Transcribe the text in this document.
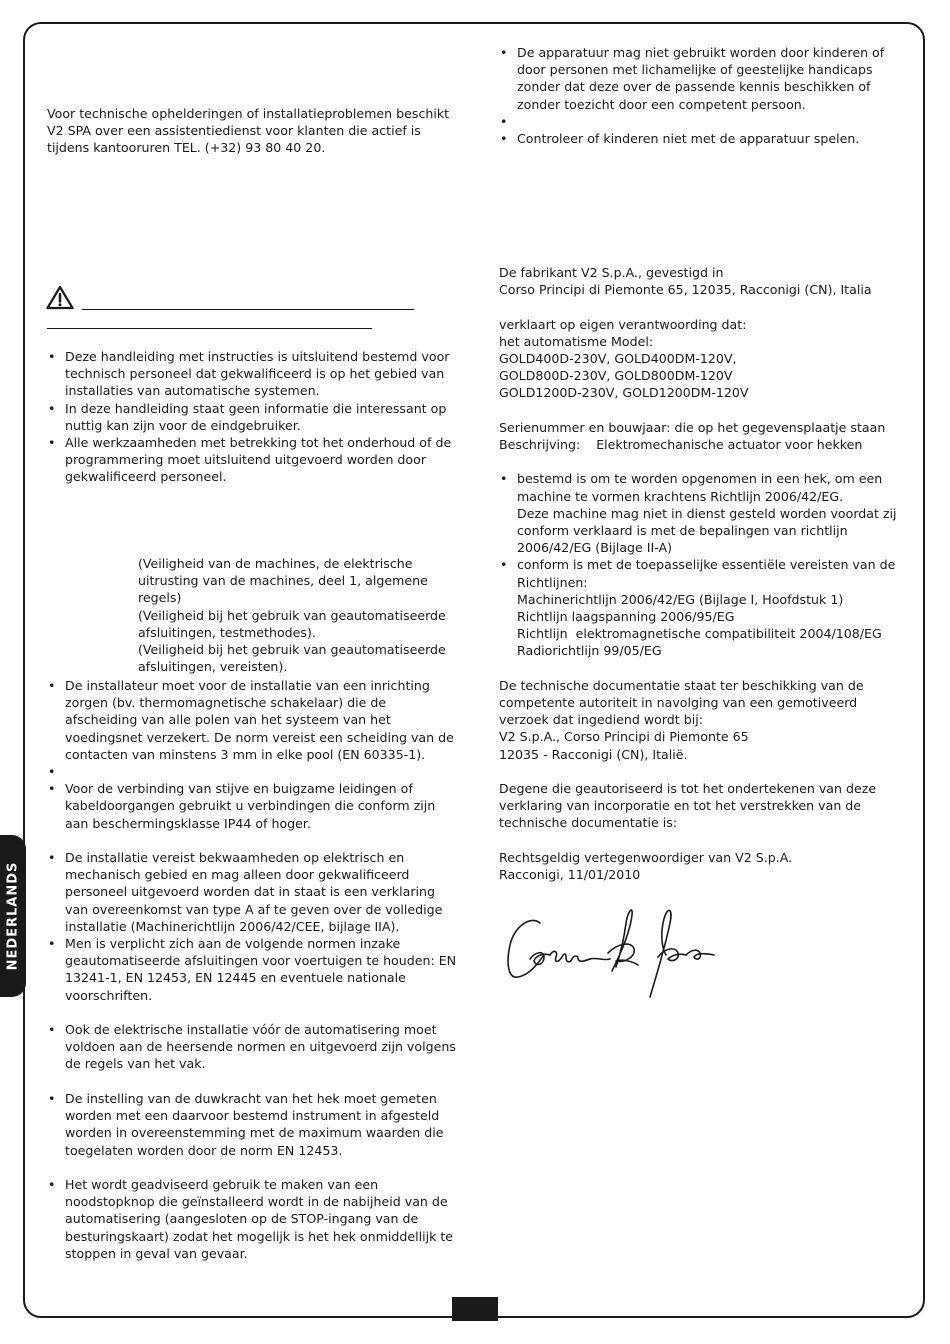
NEDERLANDS

Voor technische ophelderingen of installatieproblemen beschikt V2 SPA over een assistentiedienst voor klanten die actief is tijdens kantooruren TEL. (+32) 93 80 40 20.

• Deze handleiding met instructies is uitsluitend bestemd voor technisch personeel dat gekwalificeerd is op het gebied van installaties van automatische systemen.
• In deze handleiding staat geen informatie die interessant op nuttig kan zijn voor de eindgebruiker.
• Alle werkzaamheden met betrekking tot het onderhoud of de programmering moet uitsluitend uitgevoerd worden door gekwalificeerd personeel.

(Veiligheid van de machines, de elektrische uitrusting van de machines, deel 1, algemene regels)

(Veiligheid bij het gebruik van geautomatiseerde afsluitingen, testmethodes).

(Veiligheid bij het gebruik van geautomatiseerde afsluitingen, vereisten).

• De installateur moet voor de installatie van een inrichting zorgen (bv. thermomagnetische schakelaar) die de afscheiding van alle polen van het systeem van het voedingsnet verzekert. De norm vereist een scheiding van de contacten van minstens 3 mm in elke pool (EN 60335-1).
•
• Voor de verbinding van stijve en buigzame leidingen of kabeldoorgangen gebruikt u verbindingen die conform zijn aan beschermingsklasse IP44 of hoger.
• De installatie vereist bekwaamheden op elektrisch en mechanisch gebied en mag alleen door gekwalificeerd personeel uitgevoerd worden dat in staat is een verklaring van overeenkomst van type A af te geven over de volledige installatie (Machinerichtlijn 2006/42/CEE, bijlage IIA).
• Men is verplicht zich aan de volgende normen inzake geautomatiseerde afsluitingen voor voertuigen te houden: EN 13241-1, EN 12453, EN 12445 en eventuele nationale voorschriften.
• Ook de elektrische installatie vóór de automatisering moet voldoen aan de heersende normen en uitgevoerd zijn volgens de regels van het vak.
• De instelling van de duwkracht van het hek moet gemeten worden met een daarvoor bestemd instrument in afgesteld worden in overeenstemming met de maximum waarden die toegelaten worden door de norm EN 12453.
• Het wordt geadviseerd gebruik te maken van een noodstopknop die geïnstalleerd wordt in de nabijheid van de automatisering (aangesloten op de STOP-ingang van de besturingskaart) zodat het mogelijk is het hek onmiddellijk te stoppen in geval van gevaar.
• De apparatuur mag niet gebruikt worden door kinderen of door personen met lichamelijke of geestelijke handicaps zonder dat deze over de passende kennis beschikken of zonder toezicht door een competent persoon.
•
• Controleer of kinderen niet met de apparatuur spelen.

De fabrikant V2 S.p.A., gevestigd in

Corso Principi di Piemonte 65, 12035, Racconigi (CN), Italia

verklaart op eigen verantwoording dat:

het automatisme Model:

GOLD400D-230V, GOLD400DM-120V,

GOLD800D-230V, GOLD800DM-120V

GOLD1200D-230V, GOLD1200DM-120V

Serienummer en bouwjaar: die op het gegevensplaatje staan

Beschrijving:    Elektromechanische actuator voor hekken

• bestemd is om te worden opgenomen in een hek, om een machine te vormen krachtens Richtlijn 2006/42/EG.
Deze machine mag niet in dienst gesteld worden voordat zij conform verklaard is met de bepalingen van richtlijn 2006/42/EG (Bijlage II-A)
• conform is met de toepasselijke essentiële vereisten van de Richtlijnen:
Machinerichtlijn 2006/42/EG (Bijlage I, Hoofdstuk 1)
Richtlijn laagspanning 2006/95/EG
Richtlijn  elektromagnetische compatibiliteit 2004/108/EG
Radiorichtlijn 99/05/EG

De technische documentatie staat ter beschikking van de competente autoriteit in navolging van een gemotiveerd verzoek dat ingediend wordt bij:

V2 S.p.A., Corso Principi di Piemonte 65

12035 - Racconigi (CN), Italië.

Degene die geautoriseerd is tot het ondertekenen van deze verklaring van incorporatie en tot het verstrekken van de technische documentatie is:

Rechtsgeldig vertegenwoordiger van V2 S.p.A.

Racconigi, 11/01/2010
